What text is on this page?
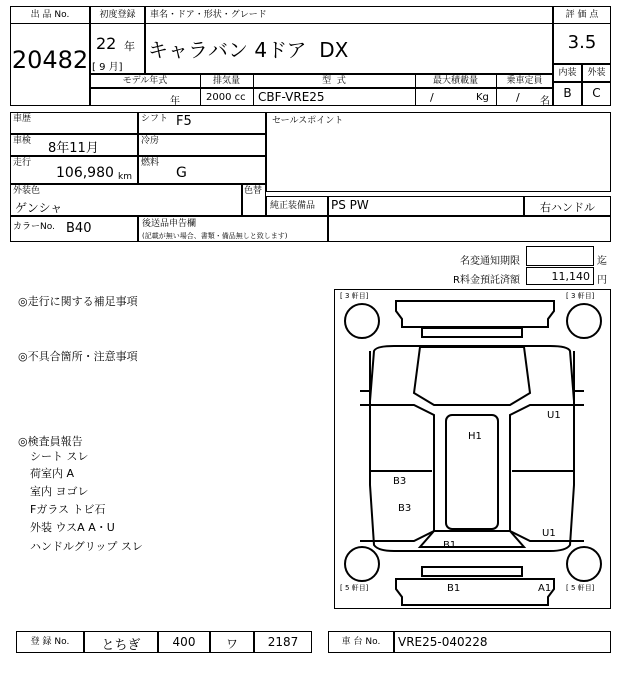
出 品 No.
20482
初度登録
22 年
[ 9 月]
車名・ドア・形状・グレード
キャラバン 4ドア  DX
評 価 点
3.5
内装	外装
B	C
モデル年式	排気量	型  式	最大積載量	乗車定員
年	2000 cc CBF-VRE25	/	Kg / 名
車歴	シフト F5	セールスポイント
車検 8年11月	冷房
走行
106,980 km
燃料
G
外装色
ゲンシャ
色替
純正装備品 PS PW	右ハンドル
カラーNo. B40	後送品申告欄
(記載が無い場合、書類・備品無しと致します)
名変通知期限	迄
R料金預託済額	11,140 円
◎走行に関する補足事項
◎不具合箇所・注意事項
◎検査員報告
シート スレ
荷室内 A
室内 ヨゴレ
Fガラス トビ石
外装 ウスA A・U
ハンドルグリップ スレ
[ 3 軒目]	[ 3 軒目]
[ 5 軒目]	[ 5 軒目]
U1
H1
B3
B3
U1
B1
B1	A1
登 録 No.	とちぎ	400	ワ	2187	車 台 No.	VRE25-040228
